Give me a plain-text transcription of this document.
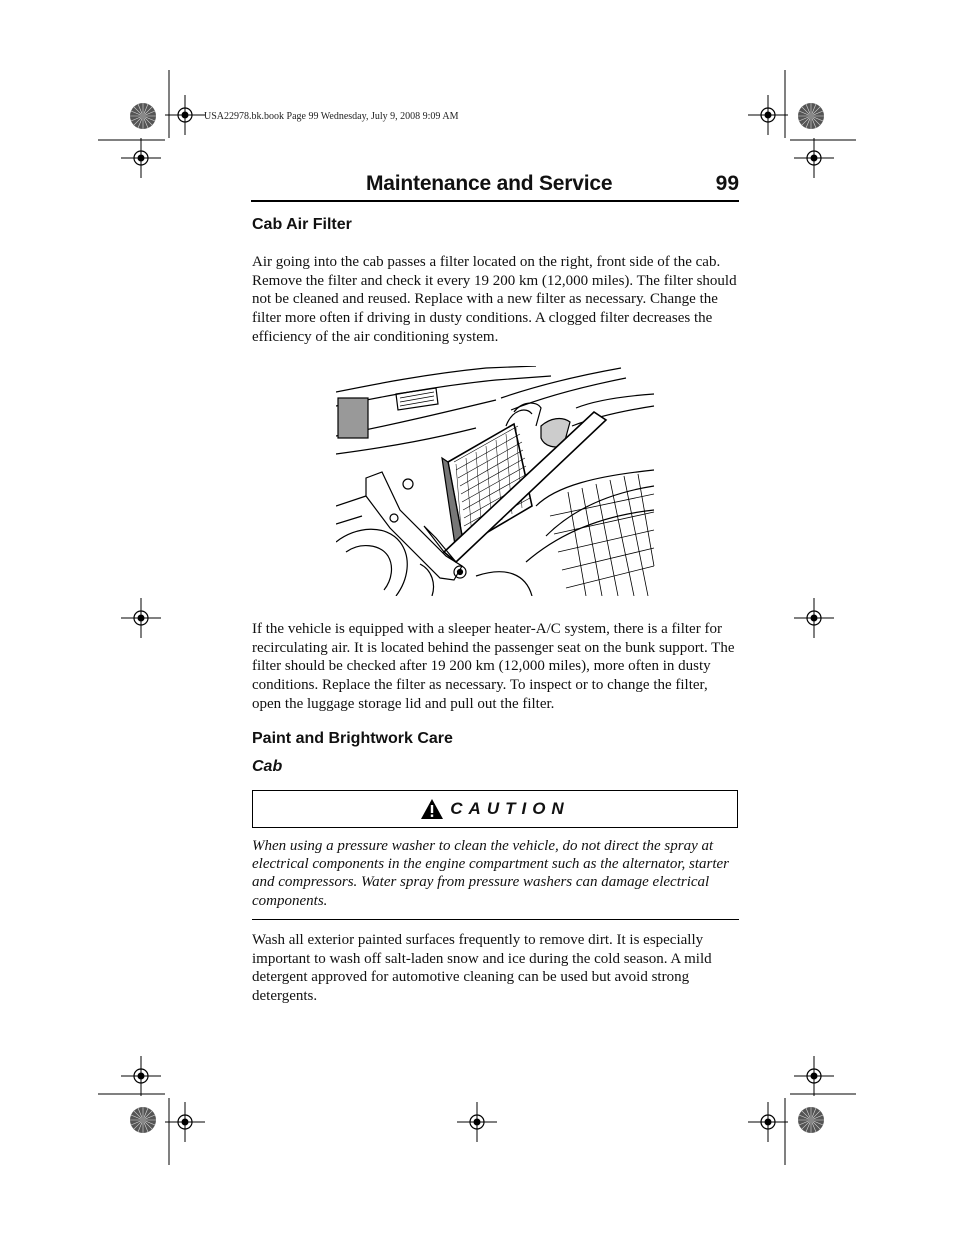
USA22978.bk.book Page 99 Wednesday, July 9, 2008 9:09 AM
Maintenance and Service	99
Cab Air Filter

Air going into the cab passes a filter located on the right, front side of the cab. Remove the filter and check it every 19 200 km (12,000 miles). The filter should not be cleaned and reused. Replace with a new filter as necessary. Change the filter more often if driving in dusty conditions. A clogged filter decreases the efficiency of the air conditioning system.

If the vehicle is equipped with a sleeper heater-A/C system, there is a filter for recirculating air. It is located behind the passenger seat on the bunk support. The filter should be checked after 19 200 km (12,000 miles), more often in dusty conditions. Replace the filter as necessary. To inspect or to change the filter, open the luggage storage lid and pull out the filter.

Paint and Brightwork Care
Cab
CAUTION

When using a pressure washer to clean the vehicle, do not direct the spray at electrical components in the engine compartment such as the alternator, starter and compressors. Water spray from pressure washers can damage electrical components.

Wash all exterior painted surfaces frequently to remove dirt. It is especially important to wash off salt-laden snow and ice during the cold season. A mild detergent approved for automotive cleaning can be used but avoid strong detergents.
